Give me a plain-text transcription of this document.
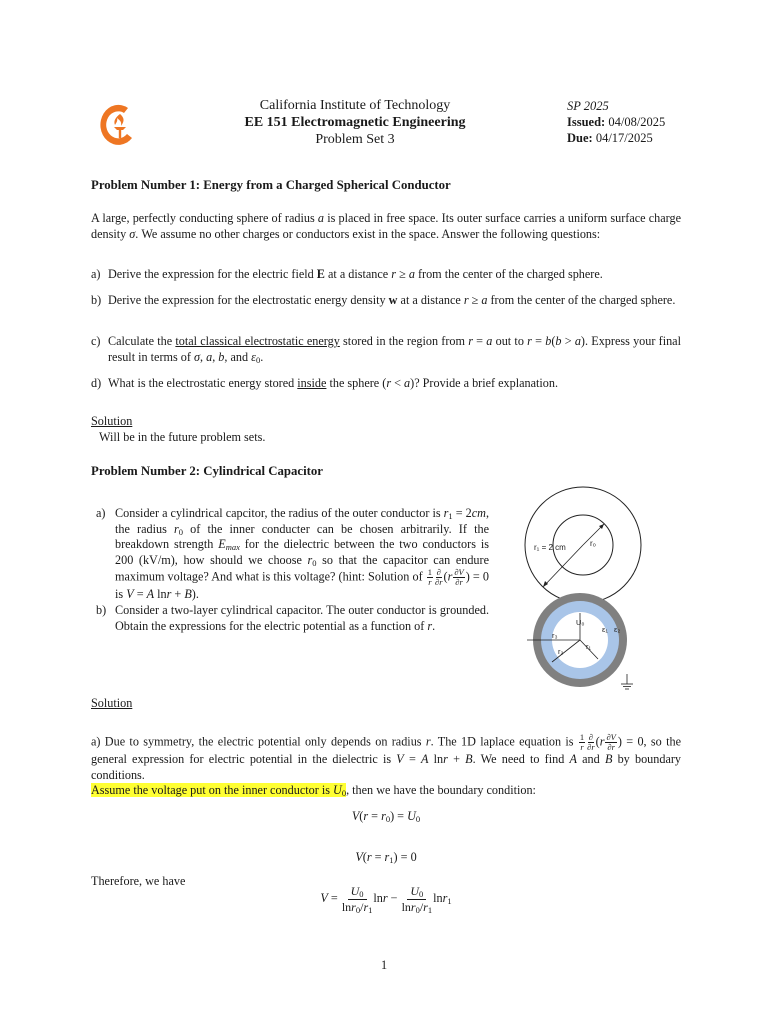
California Institute of Technology
EE 151 Electromagnetic Engineering
Problem Set 3
SP 2025
Issued: 04/08/2025
Due: 04/17/2025
Problem Number 1: Energy from a Charged Spherical Conductor
A large, perfectly conducting sphere of radius a is placed in free space. Its outer surface carries a uniform surface charge density σ. We assume no other charges or conductors exist in the space. Answer the following questions:
a) Derive the expression for the electric field E at a distance r ≥ a from the center of the charged sphere.
b) Derive the expression for the electrostatic energy density w at a distance r ≥ a from the center of the charged sphere.
c) Calculate the total classical electrostatic energy stored in the region from r = a out to r = b(b > a). Express your final result in terms of σ, a, b, and $\varepsilon_0$.
d) What is the electrostatic energy stored inside the sphere (r < a)? Provide a brief explanation.
Solution
Will be in the future problem sets.
Problem Number 2: Cylindrical Capacitor
a) Consider a cylindrical capcitor, the radius of the outer conductor is $r_1 = 2cm$, the radius $r_0$ of the inner conducter can be chosen arbitrarily. If the breakdown strength $E_{max}$ for the dielectric between the two conductors is 200 (kV/m), how should we choose $r_0$ so that the capacitor can endure maximum voltage? And what is this voltage? (hint: Solution of $\frac{1}{r} \frac{\partial}{\partial r} (r \frac{\partial V}{\partial r}$ ) = 0 is V = A lnr + B).
b) Consider a two-layer cylindrical capacitor. The outer conductor is grounded. Obtain the expressions for the electric potential as a function of r.
r₁ = 2 cm	r₀
U₀
ε₁ ε₂
r₃
r₂
r₁
Solution
a) Due to symmetry, the electric potential only depends on radius r. The 1D laplace equation is $\frac{1}{r} \frac{\partial}{\partial r} (r \frac{\partial V}{\partial r}$ ) = 0, so the general expression for electric potential in the dielectric is V = A lnr + B. We need to find A and B by boundary conditions.
Assume the voltage put on the inner conductor is $U_0$, then we have the boundary condition:
$V(r = r_0) = U_0$
$V(r = r_1) = 0$
Therefore, we have
$V = \frac{U_0}{\ln r_0/r_1}$ $\ln r - \frac{U_0}{\ln r_0/r_1} \ln r_1$
1
